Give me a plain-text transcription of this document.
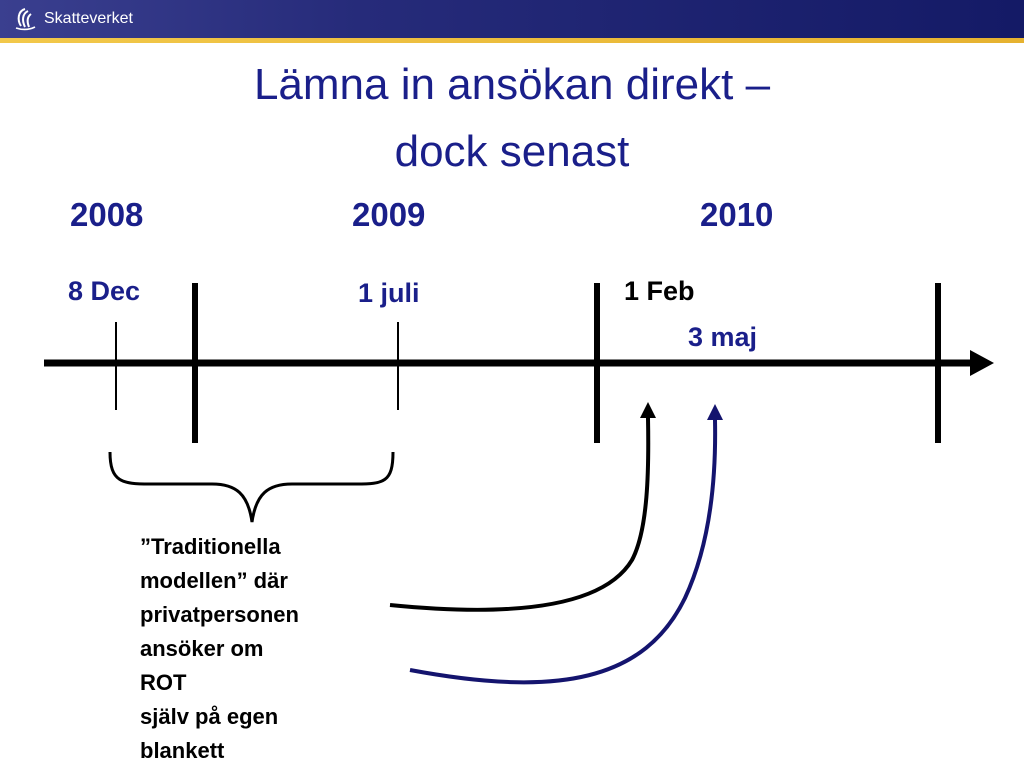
Skatteverket
Lämna in ansökan direkt –
dock senast
2008	2009	2010
8 Dec	1 juli	1 Feb
3 maj
”Traditionella
modellen” där
privatpersonen
ansöker om
ROT
själv på egen
blankett
